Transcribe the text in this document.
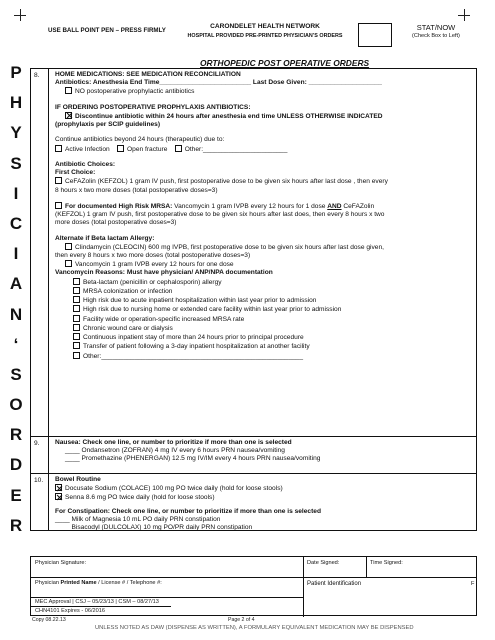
USE BALL POINT PEN – PRESS FIRMLY
CARONDELET HEALTH NETWORK
HOSPITAL PROVIDED PRE-PRINTED PHYSICIAN’S ORDERS
STAT/NOW
(Check Box to Left)
P
H
Y
S
I
C
I
A
N
‘
S
O
R
D
E
R
ORTHOPEDIC POST OPERATIVE ORDERS
8. HOME MEDICATIONS: SEE MEDICATION RECONCILIATION
Antibiotics: Anesthesia End Time_________________________ Last Dose Given: ____________________
NO postoperative prophylactic antibiotics
IF ORDERING POSTOPERATIVE PROPHYLAXIS ANTIBIOTICS:
Discontinue antibiotic within 24 hours after anesthesia end time UNLESS OTHERWISE INDICATED
(prophylaxis per SCIP guidelines)
Continue antibiotics beyond 24 hours (therapeutic) due to:
Active Infection	Open fracture	Other:_______________________
Antibiotic Choices:
First Choice:
CeFAZolin (KEFZOL) 1 gram IV push, first postoperative dose to be given six hours after last dose , then every
8 hours x two more doses (total postoperative doses=3)
For documented High Risk MRSA: Vancomycin 1 gram IVPB every 12 hours for 1 dose AND CeFAZolin
(KEFZOL) 1 gram IV push, first postoperative dose to be given six hours after last does, then every 8 hours x two
more doses (total postoperative doses=3)
Alternate if Beta lactam Allergy:
Clindamycin (CLEOCIN) 600 mg IVPB, first postoperative dose to be given six hours after last dose given,
then every 8 hours x two more doses (total postoperative doses=3)
Vancomycin 1 gram IVPB every 12 hours for one dose
Vancomycin Reasons: Must have physician/ ANP/NPA documentation
Beta-lactam (penicillin or cephalosporin) allergy
MRSA colonization or infection
High risk due to acute inpatient hospitalization within last year prior to admission
High risk due to nursing home or extended care facility within last year prior to admission
Facility wide or operation-specific increased MRSA rate
Chronic wound care or dialysis
Continuous inpatient stay of more than 24 hours prior to principal procedure
Transfer of patient following a 3-day inpatient hospitalization at another facility
Other:_______________________________________________________
9. Nausea: Check one line, or number to prioritize if more than one is selected
____ Ondansetron (ZOFRAN) 4 mg IV every 6 hours PRN nausea/vomiting
____ Promethazine (PHENERGAN) 12.5 mg IV/IM every 4 hours PRN nausea/vomiting
10. Bowel Routine
Docusate Sodium (COLACE) 100 mg PO twice daily (hold for loose stools)
Senna 8.6 mg PO twice daily (hold for loose stools)
For Constipation: Check one line, or number to prioritize if more than one is selected
____ Milk of Magnesia 10 mL PO daily PRN constipation
____ Bisacodyl (DULCOLAX) 10 mg PO/PR daily PRN constipation
Physician Signature:	Date Signed:	Time Signed:
Physician Printed Name / License # / Telephone #:	Patient Identification	F
MEC Approval | CSJ – 05/23/13 | CSM – 08/27/13
CHN4101 Expires - 06/2016
Copy 08.22.13	Page 2 of 4
UNLESS NOTED AS DAW (DISPENSE AS WRITTEN), A FORMULARY EQUIVALENT MEDICATION MAY BE DISPENSED
